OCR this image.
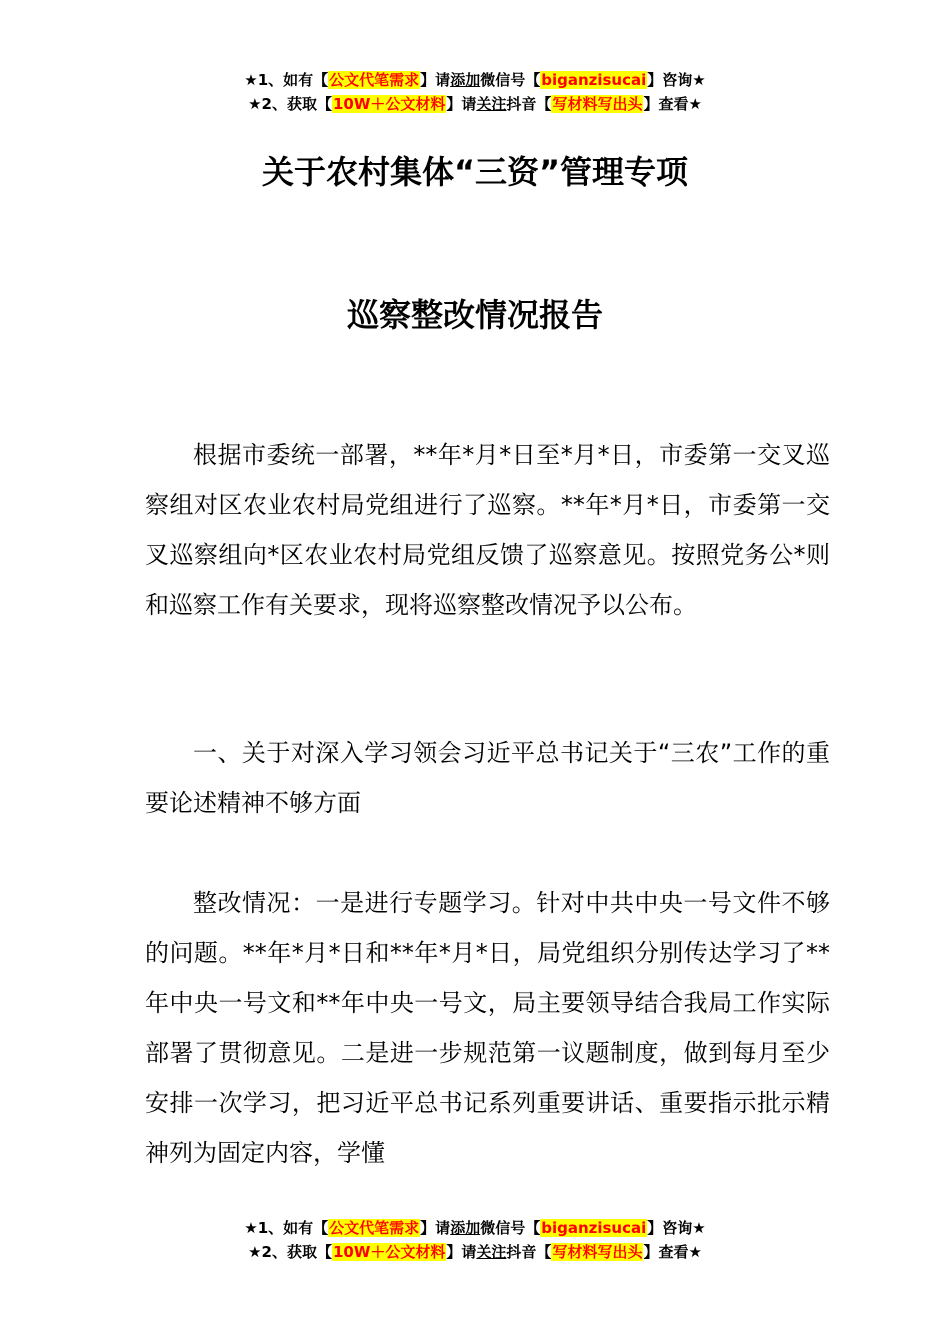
★1、如有【公文代笔需求】请添加微信号【biganzisucai】咨询★
★2、获取【10W＋公文材料】请关注抖音【写材料写出头】查看★
关于农村集体“三资”管理专项
巡察整改情况报告

根据市委统一部署，**年*月*日至*月*日，市委第一交叉巡察组对区农业农村局党组进行了巡察。**年*月*日，市委第一交叉巡察组向*区农业农村局党组反馈了巡察意见。按照党务公*则和巡察工作有关要求，现将巡察整改情况予以公布。

一、关于对深入学习领会习近平总书记关于“三农”工作的重要论述精神不够方面

整改情况：一是进行专题学习。针对中共中央一号文件不够的问题。**年*月*日和**年*月*日，局党组织分别传达学习了**年中央一号文和**年中央一号文，局主要领导结合我局工作实际部署了贯彻意见。二是进一步规范第一议题制度，做到每月至少安排一次学习，把习近平总书记系列重要讲话、重要指示批示精神列为固定内容，学懂

★1、如有【公文代笔需求】请添加微信号【biganzisucai】咨询★
★2、获取【10W＋公文材料】请关注抖音【写材料写出头】查看★
